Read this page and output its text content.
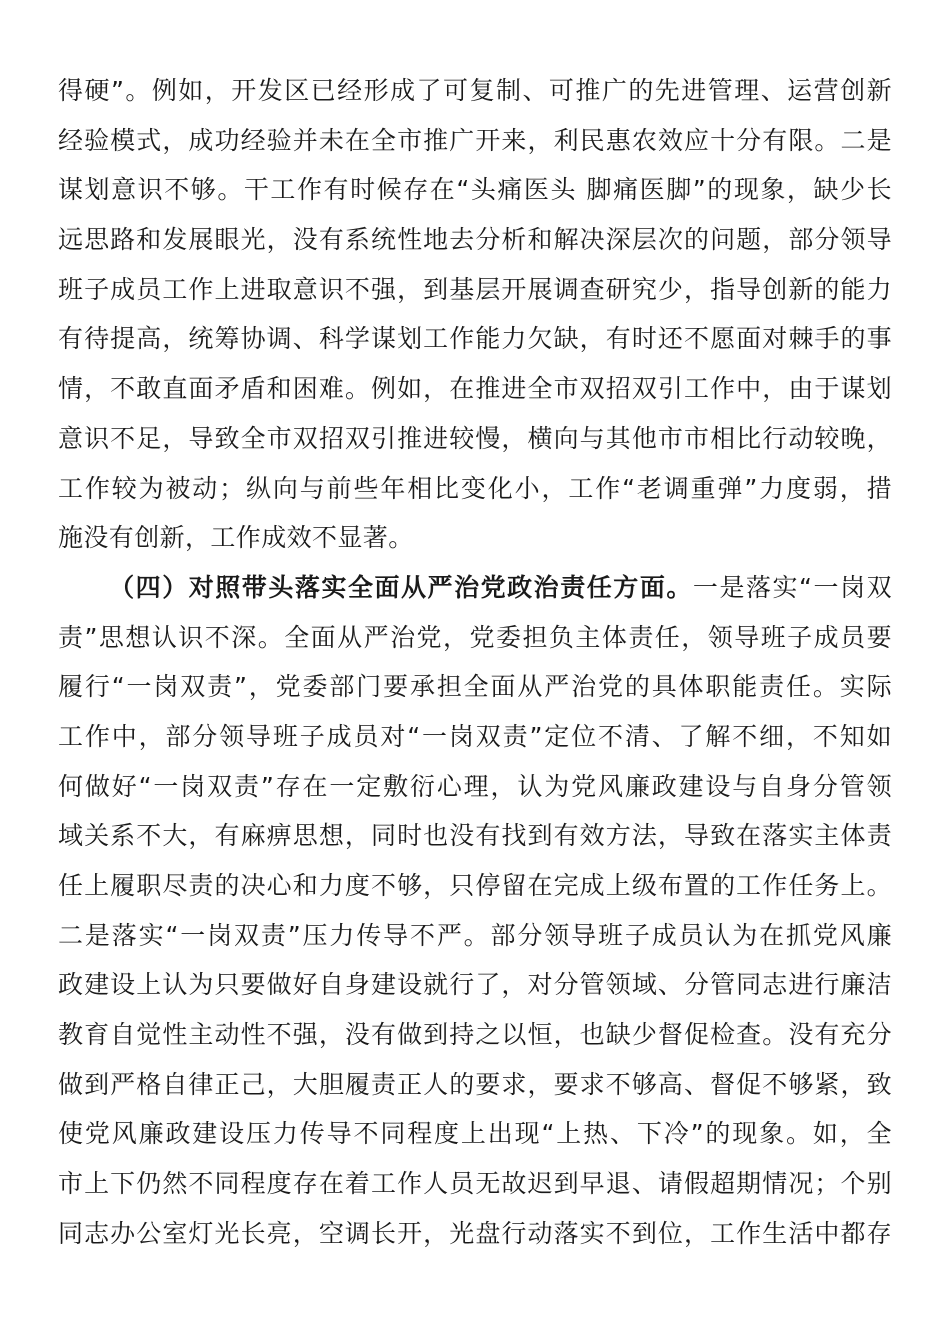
得硬”。例如，开发区已经形成了可复制、可推广的先进管理、运营创新
经验模式，成功经验并未在全市推广开来，利民惠农效应十分有限。二是
谋划意识不够。干工作有时候存在“头痛医头 脚痛医脚”的现象，缺少长
远思路和发展眼光，没有系统性地去分析和解决深层次的问题，部分领导
班子成员工作上进取意识不强，到基层开展调查研究少，指导创新的能力
有待提高，统筹协调、科学谋划工作能力欠缺，有时还不愿面对棘手的事
情，不敢直面矛盾和困难。例如，在推进全市双招双引工作中，由于谋划
意识不足，导致全市双招双引推进较慢，横向与其他市市相比行动较晚，
工作较为被动；纵向与前些年相比变化小，工作“老调重弹”力度弱，措
施没有创新，工作成效不显著。
（四）对照带头落实全面从严治党政治责任方面。一是落实“一岗双
责”思想认识不深。全面从严治党，党委担负主体责任，领导班子成员要
履行“一岗双责”，党委部门要承担全面从严治党的具体职能责任。实际
工作中，部分领导班子成员对“一岗双责”定位不清、了解不细，不知如
何做好“一岗双责”存在一定敷衍心理，认为党风廉政建设与自身分管领
域关系不大，有麻痹思想，同时也没有找到有效方法，导致在落实主体责
任上履职尽责的决心和力度不够，只停留在完成上级布置的工作任务上。
二是落实“一岗双责”压力传导不严。部分领导班子成员认为在抓党风廉
政建设上认为只要做好自身建设就行了，对分管领域、分管同志进行廉洁
教育自觉性主动性不强，没有做到持之以恒，也缺少督促检查。没有充分
做到严格自律正己，大胆履责正人的要求，要求不够高、督促不够紧，致
使党风廉政建设压力传导不同程度上出现“上热、下冷”的现象。如，全
市上下仍然不同程度存在着工作人员无故迟到早退、请假超期情况；个别
同志办公室灯光长亮，空调长开，光盘行动落实不到位，工作生活中都存
